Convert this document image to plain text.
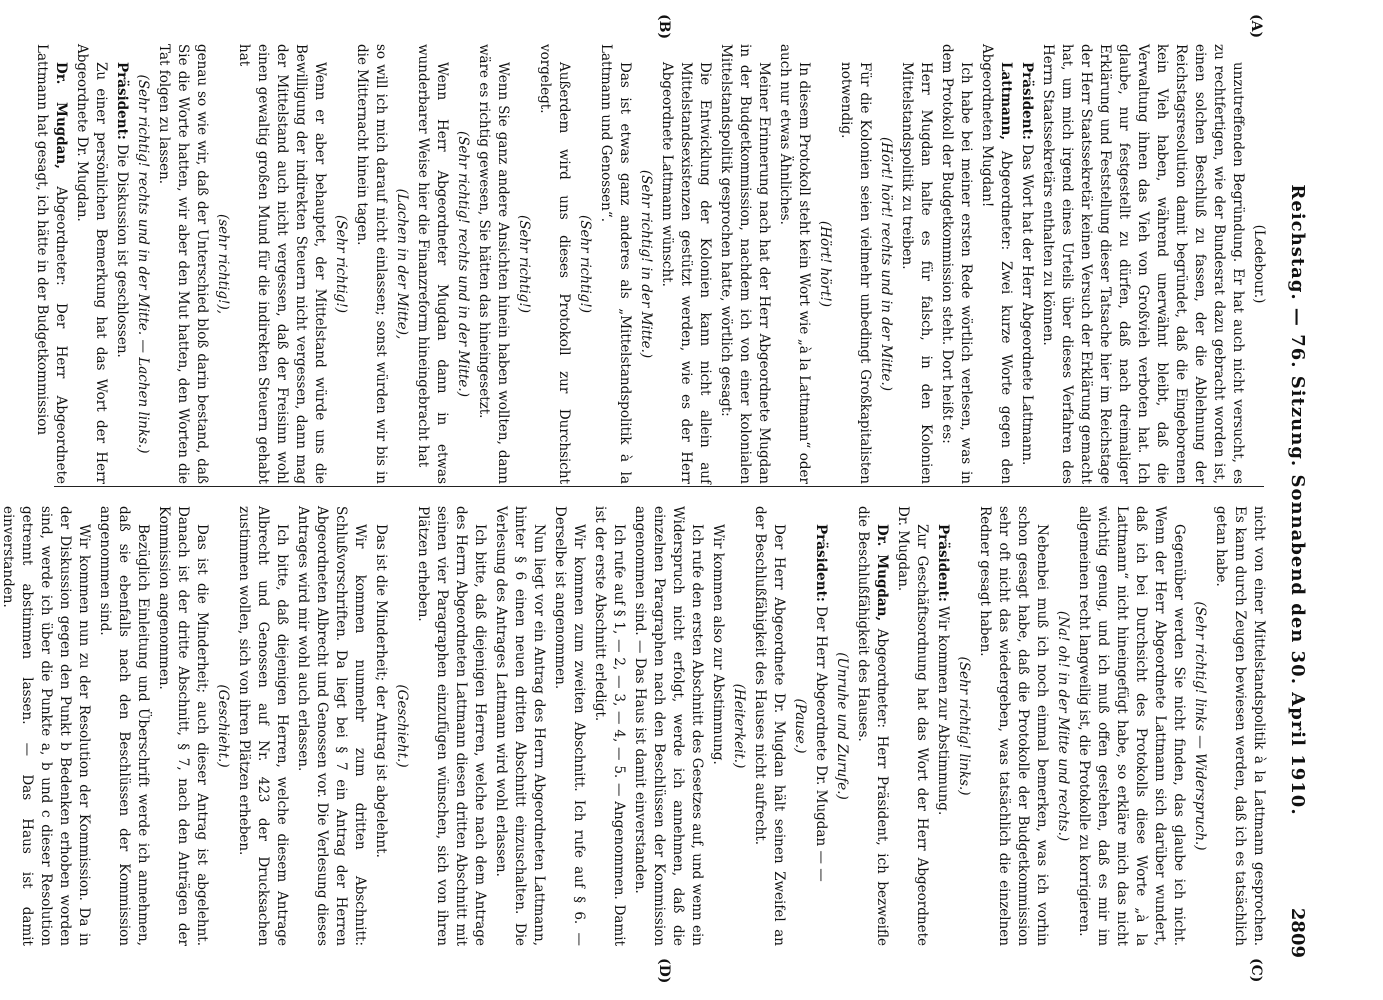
Reichstag. — 76. Sitzung. Sonnabend den 30. April 1910.
2809
(A)
(B)
(C)
(D)

(Ledebour.)

unzutreffenden Begründung. Er hat auch nicht versucht, es zu rechtfertigen, wie der Bundesrat dazu gebracht worden ist, einen solchen Beschluß zu fassen, der die Ablehnung der Reichstagsresolution damit begründet, daß die Eingeborenen kein Vieh haben, während unerwähnt bleibt, daß die Verwaltung ihnen das Vieh von Großvieh verboten hat. Ich glaube, nur festgestellt zu dürfen, daß nach dreimaliger Erklärung und Feststellung dieser Tatsache hier im Reichstage der Herr Staatssekretär keinen Versuch der Erklärung gemacht hat, um mich irgend eines Urteils über dieses Verfahren des Herrn Staatssekretärs enthalten zu können.

Präsident: Das Wort hat der Herr Abgeordnete Lattmann.

Lattmann, Abgeordneter: Zwei kurze Worte gegen den Abgeordneten Mugdan!

Ich habe bei meiner ersten Rede wörtlich verlesen, was in dem Protokoll der Budgetkommission steht. Dort heißt es:

Herr Mugdan halte es für falsch, in den Kolonien Mittelstandspolitik zu treiben.

(Hört! hört! rechts und in der Mitte.)

Für die Kolonien seien vielmehr unbedingt Großkapitalisten notwendig.

(Hört! hört!)

In diesem Protokoll steht kein Wort wie „à la Lattmann“ oder auch nur etwas Ähnliches.

Meiner Erinnerung nach hat der Herr Abgeordnete Mugdan in der Budgetkommission, nachdem ich von einer kolonialen Mittelstandspolitik gesprochen hatte, wörtlich gesagt:

Die Entwicklung der Kolonien kann nicht allein auf Mittelstandsexistenzen gestützt werden, wie es der Herr Abgeordnete Lattmann wünscht.

(Sehr richtig! in der Mitte.)

Das ist etwas ganz anderes als „Mittelstandspolitik à la Lattmann und Genossen“.

(Sehr richtig!)

Außerdem wird uns dieses Protokoll zur Durchsicht vorgelegt.

(Sehr richtig!)

Wenn Sie ganz andere Ansichten hinein haben wollten, dann wäre es richtig gewesen, Sie hätten das hineingesetzt.

(Sehr richtig! rechts und in der Mitte.)

Wenn Herr Abgeordneter Mugdan dann in etwas wunderbarer Weise hier die Finanzreform hineingebracht hat

(Lachen in der Mitte),

so will ich mich darauf nicht einlassen; sonst würden wir bis in die Mitternacht hinein tagen.

(Sehr richtig!)

Wenn er aber behauptet, der Mittelstand würde uns die Bewilligung der indirekten Steuern nicht vergessen, dann mag der Mittelstand auch nicht vergessen, daß der Freisinn wohl einen gewaltig großen Mund für die indirekten Steuern gehabt hat

(sehr richtig!),

genau so wie wir, daß der Unterschied bloß darin bestand, daß Sie die Worte hatten, wir aber den Mut hatten, den Worten die Tat folgen zu lassen.

(Sehr richtig! rechts und in der Mitte. — Lachen links.)

Präsident: Die Diskussion ist geschlossen.

Zu einer persönlichen Bemerkung hat das Wort der Herr Abgeordnete Dr. Mugdan.

Dr. Mugdan, Abgeordneter: Der Herr Abgeordnete Lattmann hat gesagt, ich hätte in der Budgetkommission

nicht von einer Mittelstandspolitik à la Lattmann gesprochen. Es kann durch Zeugen bewiesen werden, daß ich es tatsächlich getan habe.

(Sehr richtig! links — Widerspruch.)

Gegenüber werden Sie nicht finden, das glaube ich nicht. Wenn der Herr Abgeordnete Lattmann sich darüber wundert, daß ich bei Durchsicht des Protokolls diese Worte „à la Lattmann“ nicht hineingefügt habe, so erkläre mich das nicht wichtig genug, und ich muß offen gestehen, daß es mir im allgemeinen recht langweilig ist, die Protokolle zu korrigieren.

(Na! oh! in der Mitte und rechts.)

Nebenbei muß ich noch einmal bemerken, was ich vorhin schon gesagt habe, daß die Protokolle der Budgetkommission sehr oft nicht das wiedergeben, was tatsächlich die einzelnen Redner gesagt haben.

(Sehr richtig! links.)

Präsident: Wir kommen zur Abstimmung.

Zur Geschäftsordnung hat das Wort der Herr Abgeordnete Dr. Mugdan.

Dr. Mugdan, Abgeordneter: Herr Präsident, ich bezweifle die Beschlußfähigkeit des Hauses.

(Unruhe und Zurufe.)

Präsident: Der Herr Abgeordnete Dr. Mugdan — —

(Pause.)

Der Herr Abgeordnete Dr. Mugdan hält seinen Zweifel an der Beschlußfähigkeit des Hauses nicht aufrecht.

(Heiterkeit.)

Wir kommen also zur Abstimmung.

Ich rufe den ersten Abschnitt des Gesetzes auf, und wenn ein Widerspruch nicht erfolgt, werde ich annehmen, daß die einzelnen Paragraphen nach den Beschlüssen der Kommission angenommen sind. — Das Haus ist damit einverstanden.

Ich rufe auf § 1, — 2, — 3, — 4, — 5. — Angenommen. Damit ist der erste Abschnitt erledigt.

Wir kommen zum zweiten Abschnitt. Ich rufe auf § 6. — Derselbe ist angenommen.

Nun liegt vor ein Antrag des Herrn Abgeordneten Lattmann, hinter § 6 einen neuen dritten Abschnitt einzuschalten. Die Verlesung des Antrages Lattmann wird wohl erlassen.

Ich bitte, daß diejenigen Herren, welche nach dem Antrage des Herrn Abgeordneten Lattmann diesen dritten Abschnitt mit seinen vier Paragraphen einzufügen wünschen, sich von ihren Plätzen erheben.

(Geschieht.)

Das ist die Minderheit; der Antrag ist abgelehnt.

Wir kommen nunmehr zum dritten Abschnitt: Schlußvorschriften. Da liegt bei § 7 ein Antrag der Herren Abgeordneten Albrecht und Genossen vor. Die Verlesung dieses Antrages wird mir wohl auch erlassen.

Ich bitte, daß diejenigen Herren, welche diesem Antrage Albrecht und Genossen auf Nr. 423 der Drucksachen zustimmen wollen, sich von ihren Plätzen erheben.

(Geschieht.)

Das ist die Minderheit; auch dieser Antrag ist abgelehnt. Danach ist der dritte Abschnitt, § 7, nach den Anträgen der Kommission angenommen.

Bezüglich Einleitung und Überschrift werde ich annehmen, daß sie ebenfalls nach den Beschlüssen der Kommission angenommen sind.

Wir kommen nun zu der Resolution der Kommission. Da in der Diskussion gegen den Punkt b Bedenken erhoben worden sind, werde ich über die Punkte a, b und c dieser Resolution getrennt abstimmen lassen. — Das Haus ist damit einverstanden.
